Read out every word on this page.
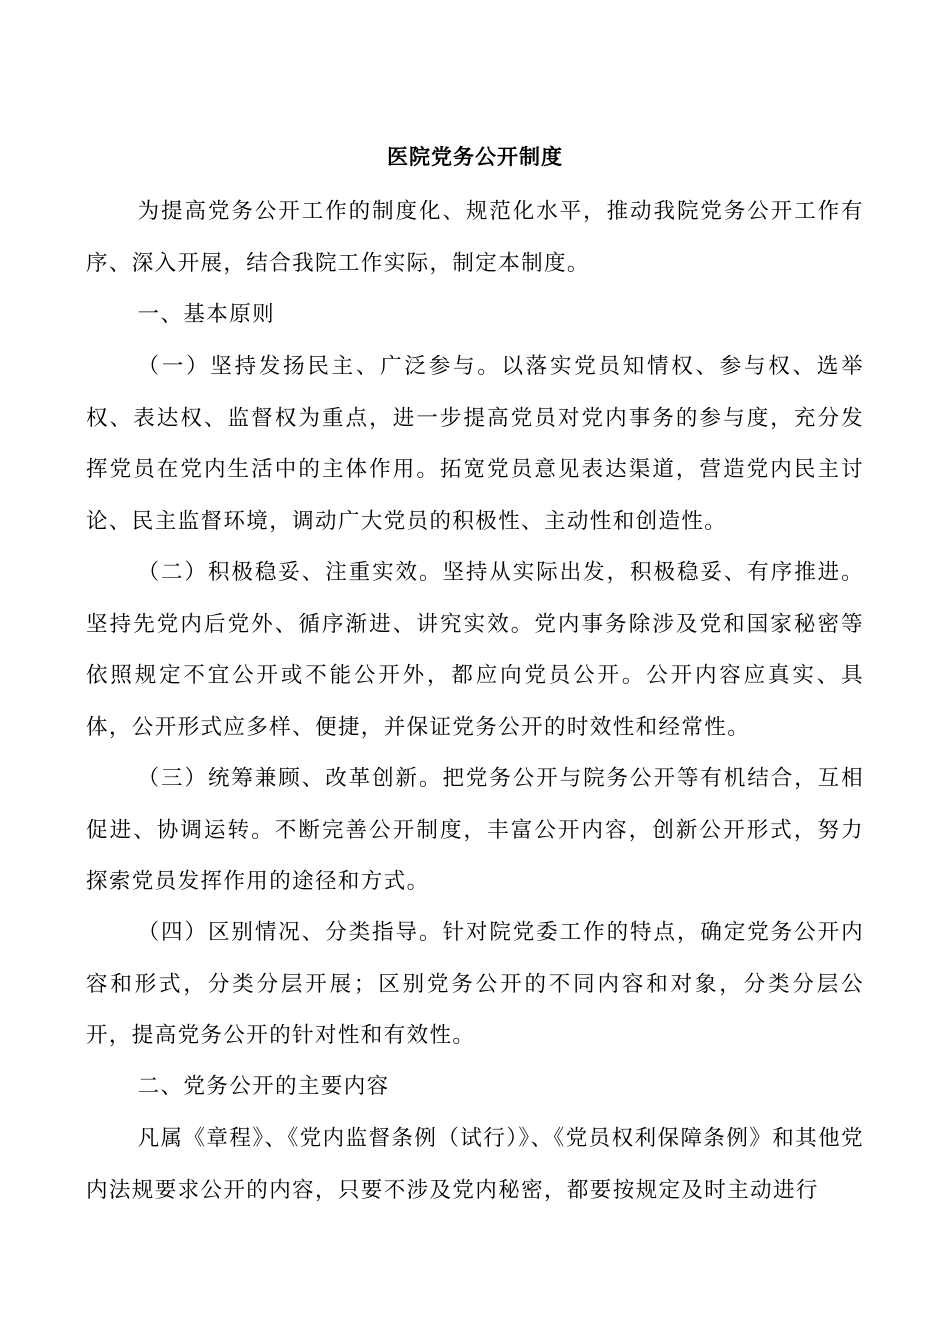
医院党务公开制度

为提高党务公开工作的制度化、规范化水平，推动我院党务公开工作有序、深入开展，结合我院工作实际，制定本制度。

一、基本原则

（一）坚持发扬民主、广泛参与。以落实党员知情权、参与权、选举权、表达权、监督权为重点，进一步提高党员对党内事务的参与度，充分发挥党员在党内生活中的主体作用。拓宽党员意见表达渠道，营造党内民主讨论、民主监督环境，调动广大党员的积极性、主动性和创造性。

（二）积极稳妥、注重实效。坚持从实际出发，积极稳妥、有序推进。坚持先党内后党外、循序渐进、讲究实效。党内事务除涉及党和国家秘密等依照规定不宜公开或不能公开外，都应向党员公开。公开内容应真实、具体，公开形式应多样、便捷，并保证党务公开的时效性和经常性。

（三）统筹兼顾、改革创新。把党务公开与院务公开等有机结合，互相促进、协调运转。不断完善公开制度，丰富公开内容，创新公开形式，努力探索党员发挥作用的途径和方式。

（四）区别情况、分类指导。针对院党委工作的特点，确定党务公开内容和形式，分类分层开展；区别党务公开的不同内容和对象，分类分层公开，提高党务公开的针对性和有效性。

二、党务公开的主要内容

凡属《章程》、《党内监督条例（试行）》、《党员权利保障条例》和其他党内法规要求公开的内容，只要不涉及党内秘密，都要按规定及时主动进行
